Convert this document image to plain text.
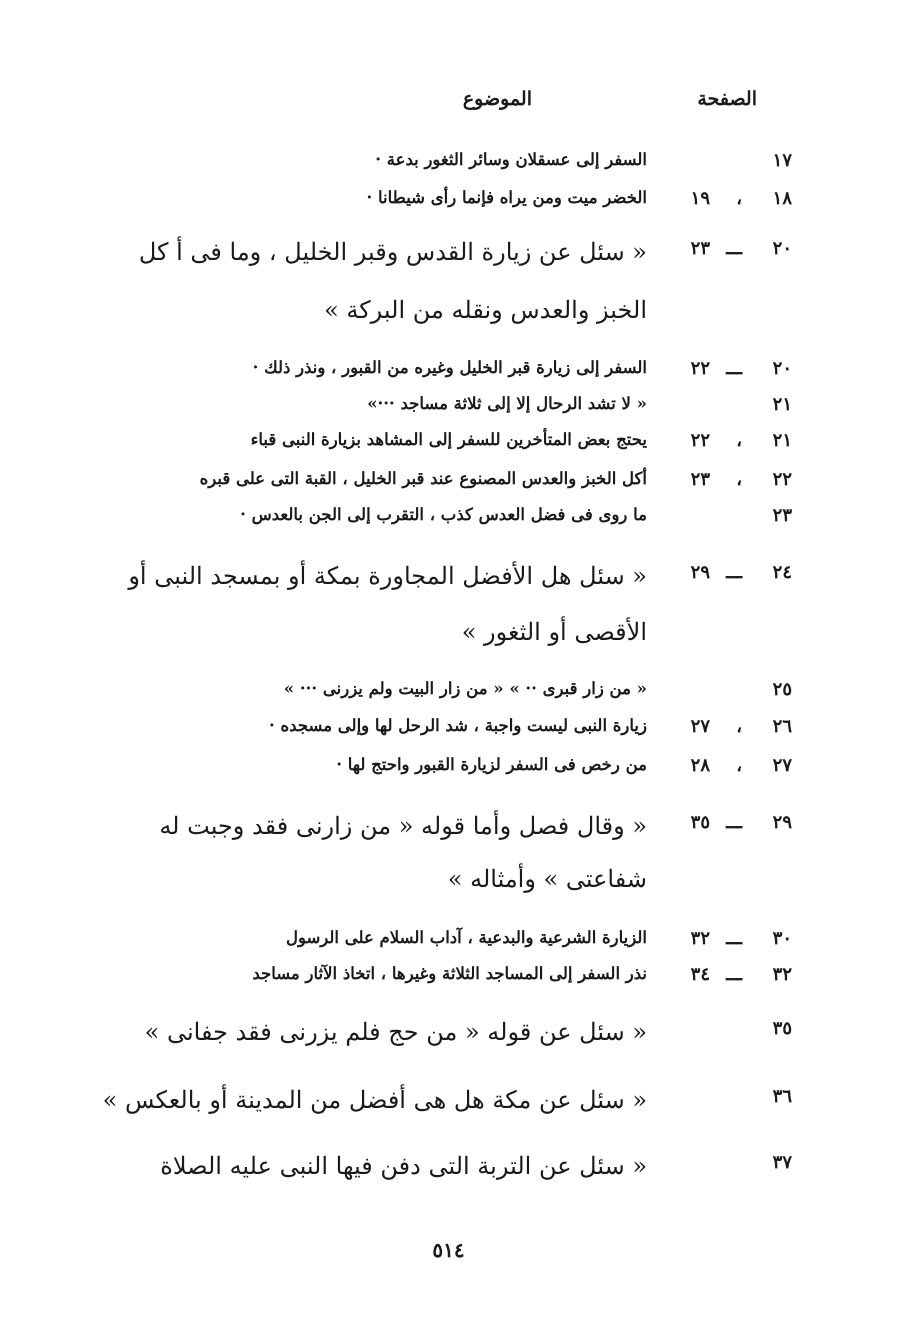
الصفحة
الموضوع
١٧
السفر إلى عسقلان وسائر الثغور بدعة ·
١٨
،
١٩
الخضر ميت ومن يراه فإنما رأى شيطانا ·
٢٠
ـــ
٢٣
« سئل عن زيارة القدس وقبر الخليل ، وما فى أ كل
الخبز والعدس ونقله من البركة »
٢٠
ـــ
٢٢
السفر إلى زيارة قبر الخليل وغيره من القبور ، ونذر ذلك ·
٢١
« لا تشد الرحال إلا إلى ثلاثة مساجد ···»
٢١
،
٢٢
يحتج بعض المتأخرين للسفر إلى المشاهد بزيارة النبى قباء
٢٢
،
٢٣
أكل الخبز والعدس المصنوع عند قبر الخليل ، القبة التى على قبره
٢٣
ما روى فى فضل العدس كذب ، التقرب إلى الجن بالعدس ·
٢٤
ـــ
٢٩
« سئل هل الأفضل المجاورة بمكة أو بمسجد النبى أو
الأقصى أو الثغور »
٢٥
« من زار قبرى ·· » « من زار البيت ولم يزرنى ··· »
٢٦
،
٢٧
زيارة النبى ليست واجبة ، شد الرحل لها وإلى مسجده ·
٢٧
،
٢٨
من رخص فى السفر لزيارة القبور واحتج لها ·
٢٩
ـــ
٣٥
« وقال فصل وأما قوله « من زارنى فقد وجبت له
شفاعتى » وأمثاله »
٣٠
ـــ
٣٢
الزيارة الشرعية والبدعية ، آداب السلام على الرسول
٣٢
ـــ
٣٤
نذر السفر إلى المساجد الثلاثة وغيرها ، اتخاذ الآثار مساجد
٣٥
« سئل عن قوله « من حج فلم يزرنى فقد جفانى »
٣٦
« سئل عن مكة هل هى أفضل من المدينة أو بالعكس »
٣٧
« سئل عن التربة التى دفن فيها النبى عليه الصلاة
٥١٤
